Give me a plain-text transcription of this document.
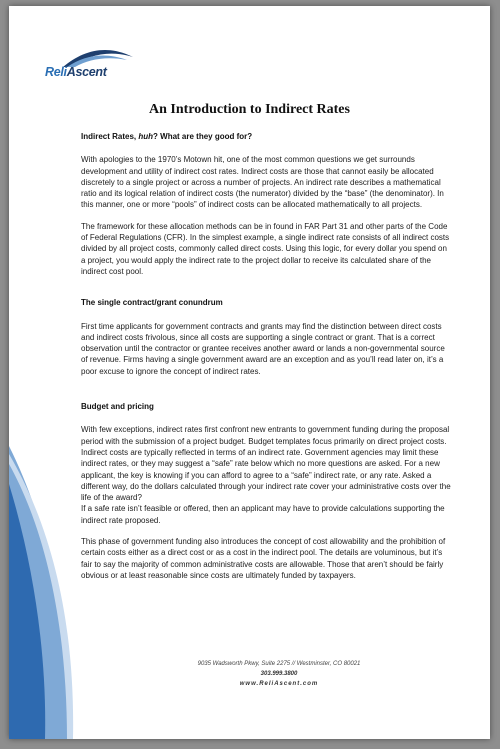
ReliAscent
An Introduction to Indirect Rates
Indirect Rates, huh? What are they good for?

With apologies to the 1970’s Motown hit, one of the most common questions we get surrounds development and utility of indirect cost rates. Indirect costs are those that cannot easily be allocated discretely to a single project or across a number of projects. An indirect rate describes a mathematical ratio and its logical relation of indirect costs (the numerator) divided by the “base” (the denominator). In this manner, one or more “pools” of indirect costs can be allocated mathematically to all projects.

The framework for these allocation methods can be in found in FAR Part 31 and other parts of the Code of Federal Regulations (CFR). In the simplest example, a single indirect rate consists of all indirect costs divided by all project costs, commonly called direct costs. Using this logic, for every dollar you spend on a project, you would apply the indirect rate to the project dollar to receive its calculated share of the indirect cost pool.

The single contract/grant conundrum

First time applicants for government contracts and grants may find the distinction between direct costs and indirect costs frivolous, since all costs are supporting a single contract or grant. That is a correct observation until the contractor or grantee receives another award or lands a non-governmental source of revenue. Firms having a single government award are an exception and as you’ll read later on, it’s a poor excuse to ignore the concept of indirect rates.

Budget and pricing

With few exceptions, indirect rates first confront new entrants to government funding during the proposal period with the submission of a project budget. Budget templates focus primarily on direct project costs. Indirect costs are typically reflected in terms of an indirect rate. Government agencies may limit these indirect rates, or they may suggest a “safe” rate below which no more questions are asked. For a new applicant, the key is knowing if you can afford to agree to a “safe” indirect rate, or any rate. Asked a different way, do the dollars calculated through your indirect rate cover your administrative costs over the life of the award?
If a safe rate isn’t feasible or offered, then an applicant may have to provide calculations supporting the indirect rate proposed.

This phase of government funding also introduces the concept of cost allowability and the prohibition of certain costs either as a direct cost or as a cost in the indirect pool. The details are voluminous, but it’s fair to say the majority of common administrative costs are allowable. Those that aren’t should be fairly obvious or at least reasonable since costs are ultimately funded by taxpayers.

9035 Wadsworth Pkwy, Suite 2275 // Westminster, CO 80021
303.999.3800
www.ReliAscent.com
